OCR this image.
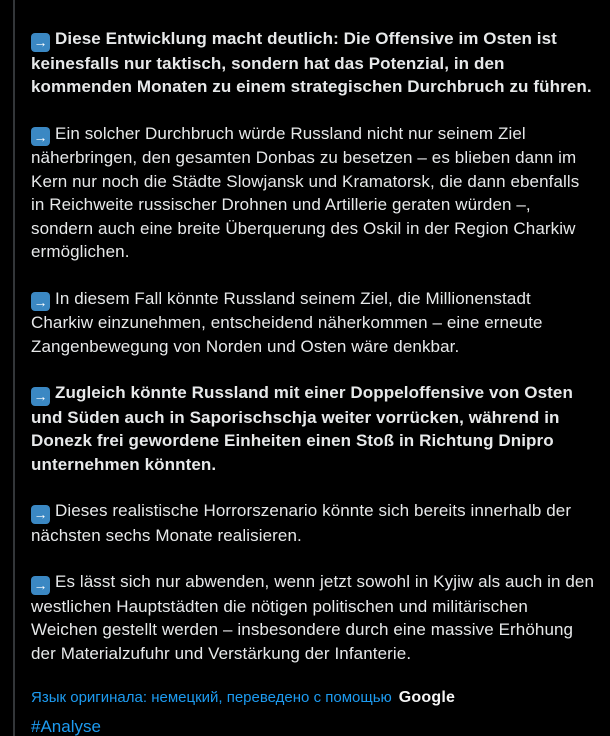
→ Diese Entwicklung macht deutlich: Die Offensive im Osten ist keinesfalls nur taktisch, sondern hat das Potenzial, in den kommenden Monaten zu einem strategischen Durchbruch zu führen.

→ Ein solcher Durchbruch würde Russland nicht nur seinem Ziel näherbringen, den gesamten Donbas zu besetzen – es blieben dann im Kern nur noch die Städte Slowjansk und Kramatorsk, die dann ebenfalls in Reichweite russischer Drohnen und Artillerie geraten würden –, sondern auch eine breite Überquerung des Oskil in der Region Charkiw ermöglichen.

→ In diesem Fall könnte Russland seinem Ziel, die Millionenstadt Charkiw einzunehmen, entscheidend näherkommen – eine erneute Zangenbewegung von Norden und Osten wäre denkbar.

→ Zugleich könnte Russland mit einer Doppeloffensive von Osten und Süden auch in Saporischschja weiter vorrücken, während in Donezk frei gewordene Einheiten einen Stoß in Richtung Dnipro unternehmen könnten.

→ Dieses realistische Horrorszenario könnte sich bereits innerhalb der nächsten sechs Monate realisieren.

→ Es lässt sich nur abwenden, wenn jetzt sowohl in Kyjiw als auch in den westlichen Hauptstädten die nötigen politischen und militärischen Weichen gestellt werden – insbesondere durch eine massive Erhöhung der Materialzufuhr und Verstärkung der Infanterie.

Язык оригинала: немецкий, переведено с помощью Google
#Analyse
